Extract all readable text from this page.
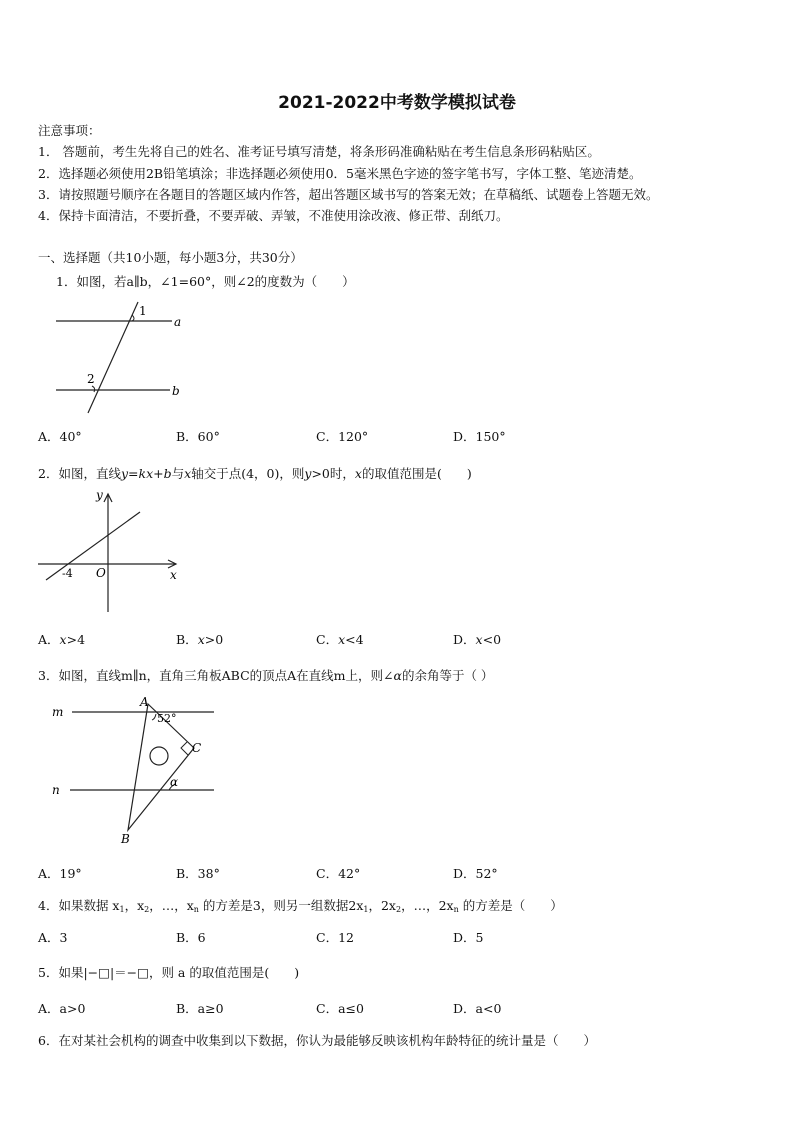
2021-2022中考数学模拟试卷
注意事项：
1． 答题前，考生先将自己的姓名、准考证号填写清楚，将条形码准确粘贴在考生信息条形码粘贴区。
2．选择题必须使用2B铅笔填涂；非选择题必须使用0．5毫米黑色字迹的签字笔书写，字体工整、笔迹清楚。
3．请按照题号顺序在各题目的答题区域内作答，超出答题区域书写的答案无效；在草稿纸、试题卷上答题无效。
4．保持卡面清洁，不要折叠，不要弄破、弄皱，不准使用涂改液、修正带、刮纸刀。
一、选择题（共10小题，每小题3分，共30分）
1．如图，若a∥b，∠1=60°，则∠2的度数为（　　）
1
2
a
b
A．40°	B．60°	C．120°	D．150°
2．如图，直线y=kx+b与x轴交于点(4，0)，则y>0时，x的取值范围是(　　)
y
x
O
-4
A．x>4	B．x>0	C．x<4	D．x<0
3．如图，直线m∥n，直角三角板ABC的顶点A在直线m上，则∠α的余角等于（ ）
m
n
A
B
C
52°
α
A．19°	B．38°	C．42°	D．52°
4．如果数据 $x_1$，$x_2$，…，$x_n$ 的方差是3，则另一组数据$2x_1$，$2x_2$，…，$2x_n$ 的方差是（　　）
A．3	B．6	C．12	D．5
5．如果|−□|＝−□，则 a 的取值范围是(　　)
A．a>0	B．a≥0	C．a≤0	D．a<0
6．在对某社会机构的调查中收集到以下数据，你认为最能够反映该机构年龄特征的统计量是（　　）
